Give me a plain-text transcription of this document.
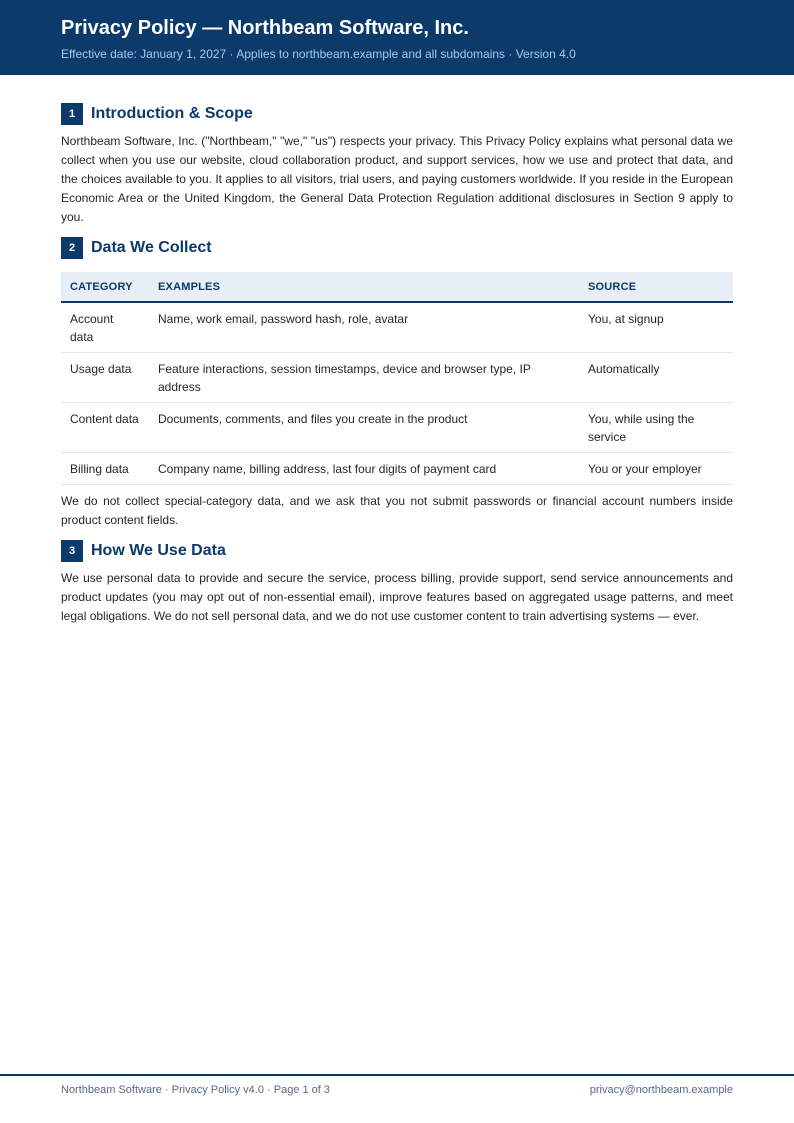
Privacy Policy — Northbeam Software, Inc.
Effective date: January 1, 2027 · Applies to northbeam.example and all subdomains · Version 4.0
1 Introduction & Scope

Northbeam Software, Inc. ("Northbeam," "we," "us") respects your privacy. This Privacy Policy explains what personal data we collect when you use our website, cloud collaboration product, and support services, how we use and protect that data, and the choices available to you. It applies to all visitors, trial users, and paying customers worldwide. If you reside in the European Economic Area or the United Kingdom, the General Data Protection Regulation additional disclosures in Section 9 apply to you.

2 Data We Collect
CATEGORY	EXAMPLES	SOURCE
Account data	Name, work email, password hash, role, avatar	You, at signup
Usage data	Feature interactions, session timestamps, device and browser type, IP address	Automatically
Content data	Documents, comments, and files you create in the product	You, while using the service
Billing data	Company name, billing address, last four digits of payment card	You or your employer

We do not collect special-category data, and we ask that you not submit passwords or financial account numbers inside product content fields.

3 How We Use Data

We use personal data to provide and secure the service, process billing, provide support, send service announcements and product updates (you may opt out of non-essential email), improve features based on aggregated usage patterns, and meet legal obligations. We do not sell personal data, and we do not use customer content to train advertising systems — ever.

Northbeam Software · Privacy Policy v4.0 · Page 1 of 3	privacy@northbeam.example
